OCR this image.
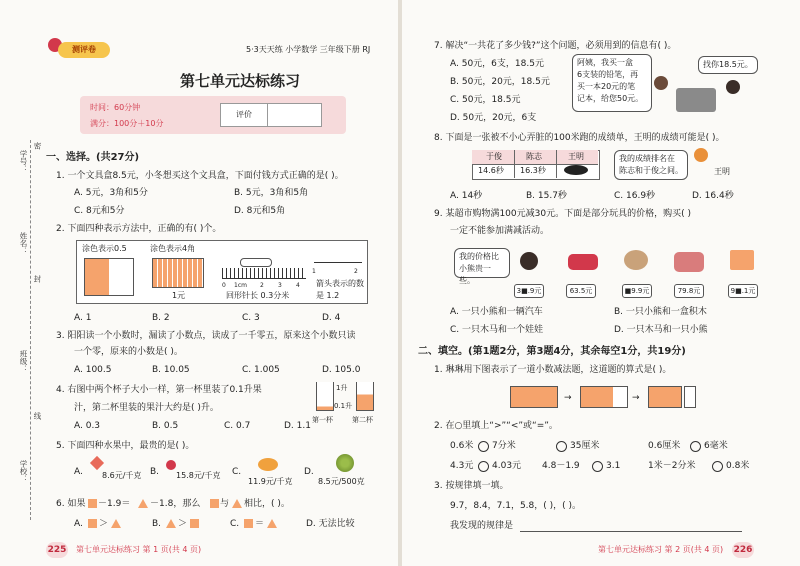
测评卷	5·3天天练 小学数学 三年级下册 RJ
第七单元达标练习
时间：60分钟
满分：100分＋10分
评价
学号：
姓名：
班级：
学校：
密
封
线
一、选择。(共27分)
1. 一个文具盒8.5元，小冬想买这个文具盒，下面付钱方式正确的是( )。
A. 5元，3角和5分	B. 5元，3角和5角
C. 8元和5分	D. 8元和5角
2. 下面四种表示方法中，正确的有( )个。
涂色表示0.5	涂色表示4角
1元
0 1cm 2 3 4
回形针长 0.3分米
1	2
箭头表示的数
是 1.2
A. 1	B. 2	C. 3	D. 4
3. 阳阳读一个小数时，漏读了小数点，读成了一千零五，原来这个小数只读
一个零，原来的小数是( )。
A. 100.5	B. 10.05	C. 1.005	D. 105.0
4. 右图中两个杯子大小一样，第一杯里装了0.1升果
汁，第二杯里装的果汁大约是( )升。
1升
0.1升
第一杯	第二杯
A. 0.3	B. 0.5	C. 0.7	D. 1.1
5. 下面四种水果中，最贵的是( )。
A. 8.6元/千克 B. 15.8元/千克 C.
11.9元/千克
D.
8.5元/500克
6. 如果 －1.9＝ －1.8，那么 与 相比，( )。
A. ＞	B. ＞	C. ＝	D. 无法比较
225 第七单元达标练习 第 1 页(共 4 页)
7. 解决“一共花了多少钱?”这个问题，必须用到的信息有( )。
A. 50元，6支，18.5元
B. 50元，20元，18.5元
C. 50元，18.5元
D. 50元，20元，6支
阿姨，我买一盒
6支装的铅笔，再
买一本20元的笔
记本，给您50元。
找你18.5元。
8. 下面是一张被不小心弄脏的100米跑的成绩单，王明的成绩可能是( )。
于俊	陈志	王明
14.6秒 16.3秒
我的成绩排名在
陈志和于俊之间。	王明
A. 14秒	B. 15.7秒	C. 16.9秒	D. 16.4秒
9. 某超市购物满100元减30元。下面是部分玩具的价格，购买( )
一定不能参加满减活动。
我的价格比
小熊贵一些。
3■.9元	63.5元	■9.9元	79.8元	9■.1元
A. 一只小熊和一辆汽车	B. 一只小熊和一盒积木
C. 一只木马和一个娃娃	D. 一只木马和一只小熊
二、填空。(第1题2分，第3题4分，其余每空1分，共19分)
1. 琳琳用下图表示了一道小数减法题，这道题的算式是( )。
→	→
2. 在○里填上“>”“<”或“=”。
0.6米 7分米	35厘米	0.6厘米	6毫米
4.3元 4.03元 4.8－1.9	3.1	1米－2分米	0.8米
3. 按规律填一填。
9.7，8.4，7.1，5.8，( )，( )。
我发现的规律是
第七单元达标练习 第 2 页(共 4 页) 226
